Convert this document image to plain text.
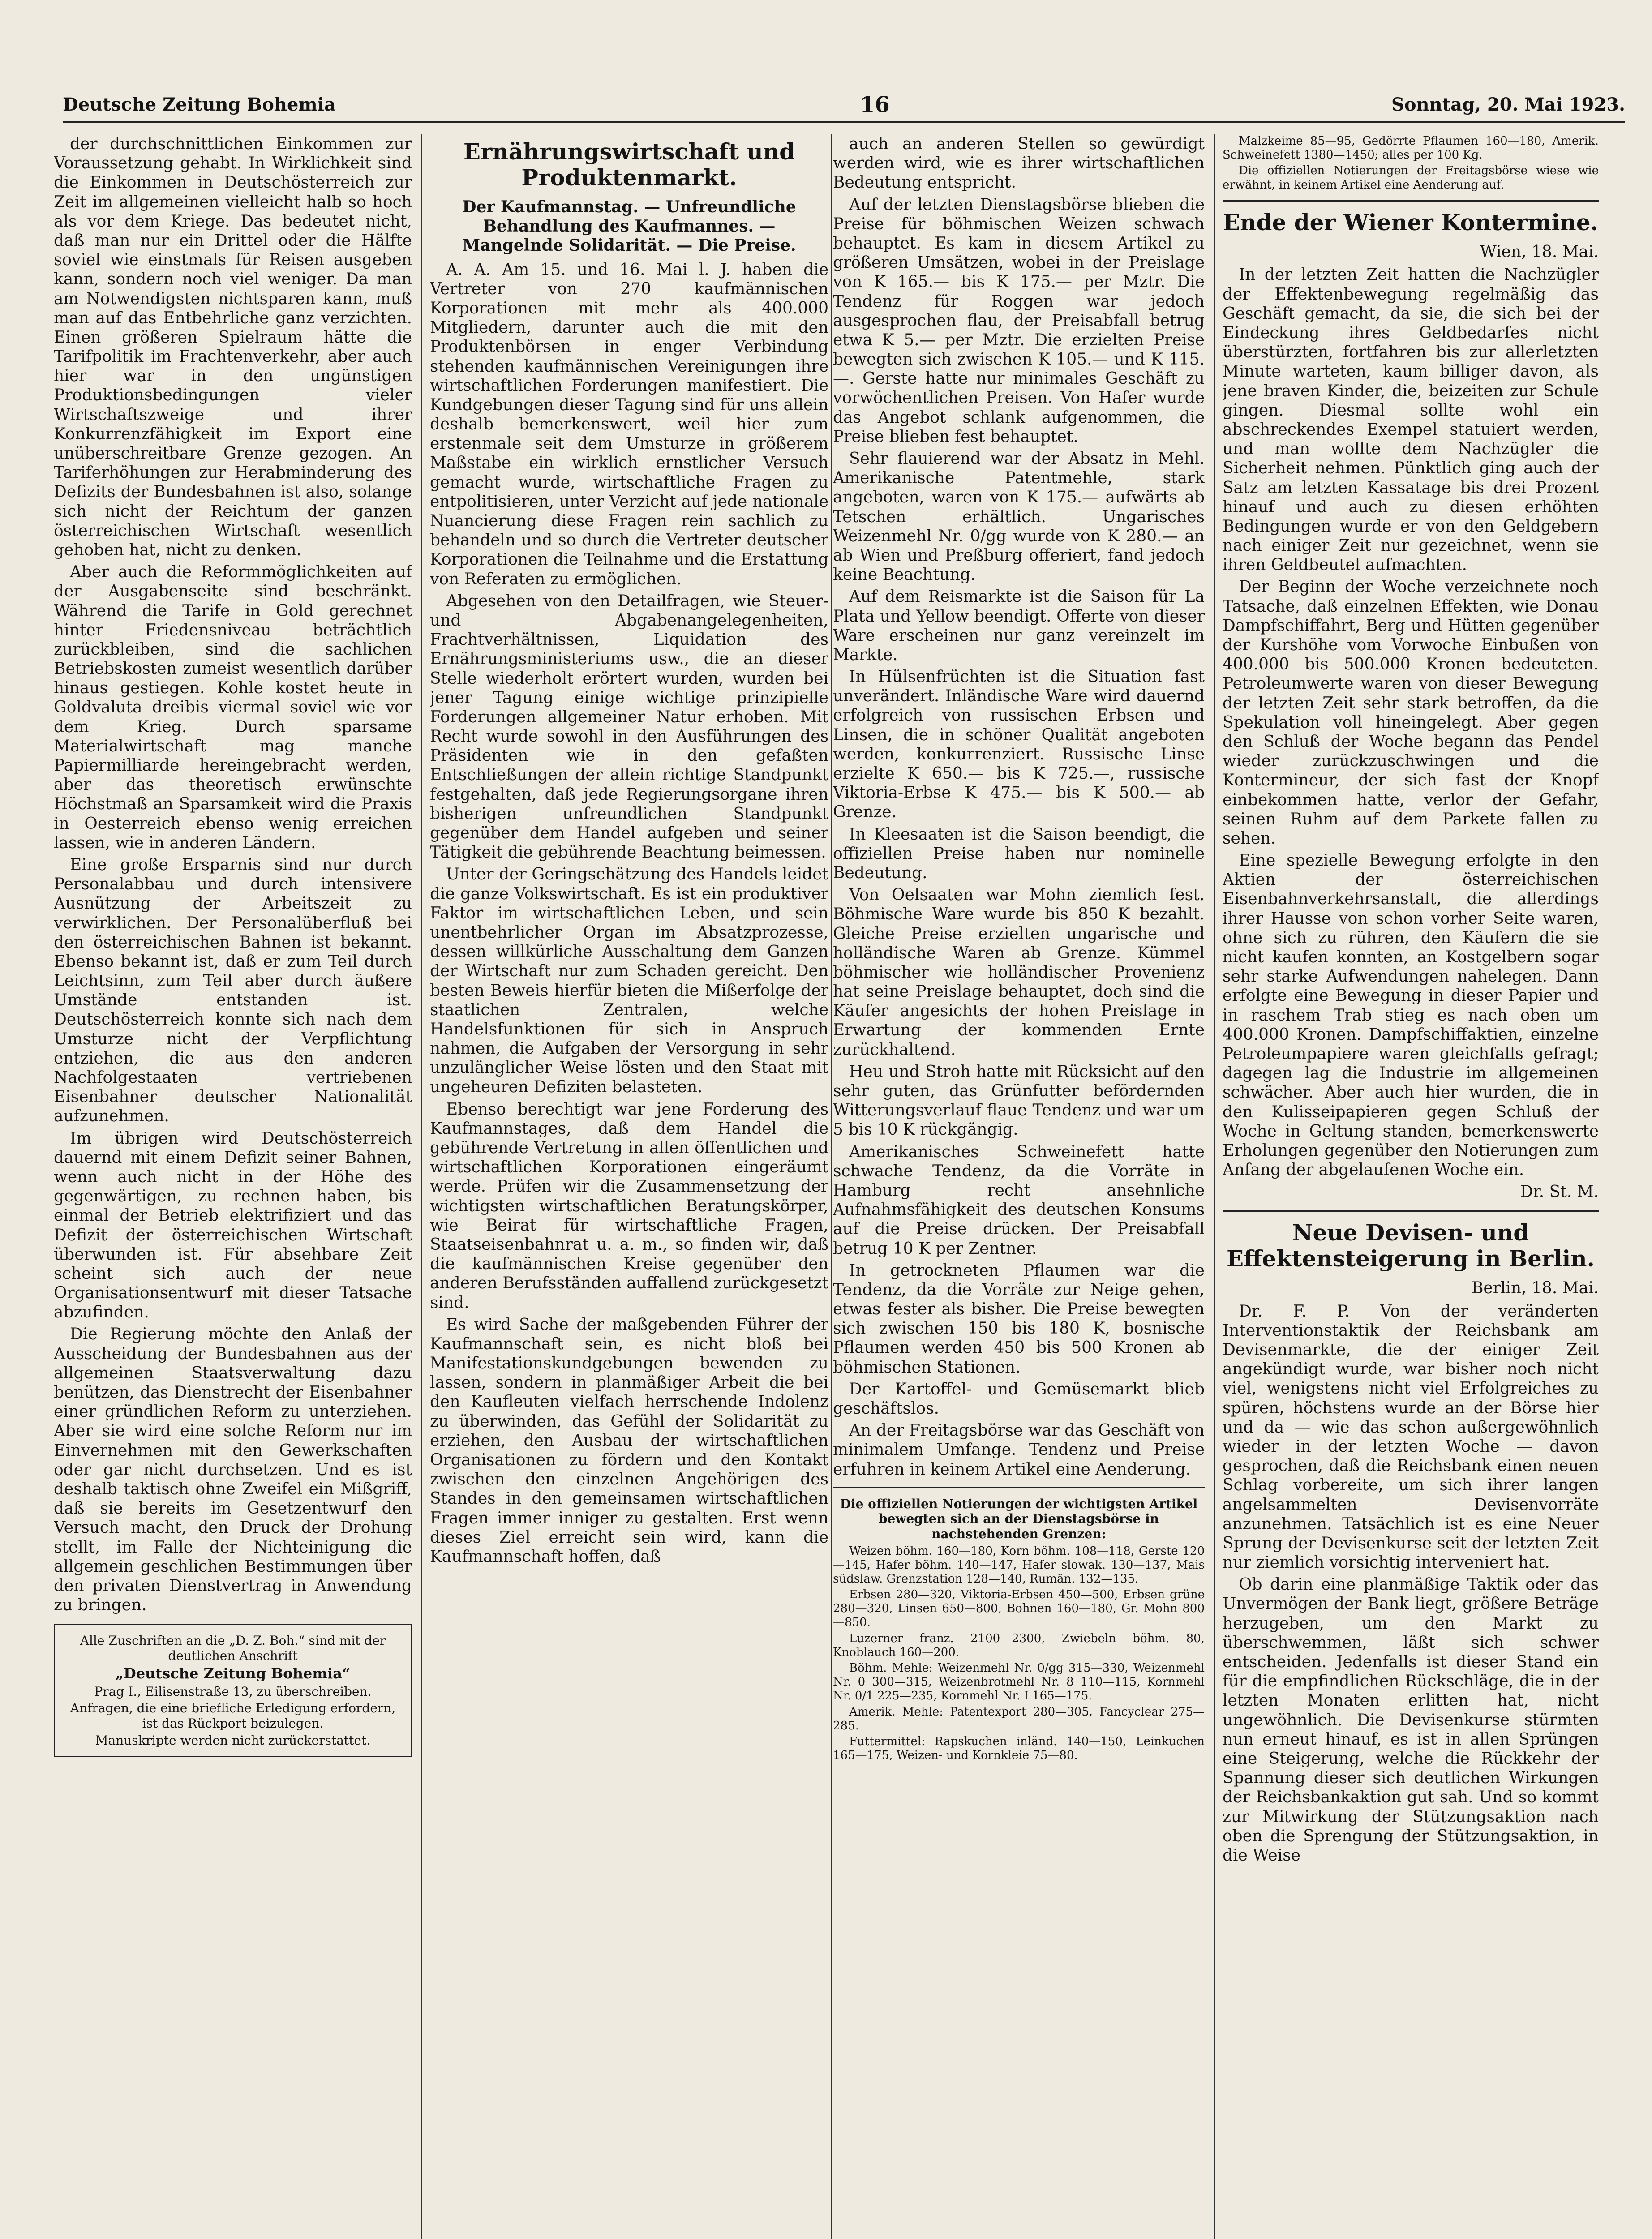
Deutsche Zeitung Bohemia	16	Sonntag, 20. Mai 1923.

der durchschnittlichen Einkommen zur Voraussetzung gehabt. In Wirklichkeit sind die Einkommen in Deutschösterreich zur Zeit im allgemeinen vielleicht halb so hoch als vor dem Kriege. Das bedeutet nicht, daß man nur ein Drittel oder die Hälfte soviel wie einstmals für Reisen ausgeben kann, sondern noch viel weniger. Da man am Notwendigsten nichtsparen kann, muß man auf das Entbehrliche ganz verzichten. Einen größeren Spielraum hätte die Tarifpolitik im Frachtenverkehr, aber auch hier war in den ungünstigen Produktionsbedingungen vieler Wirtschaftszweige und ihrer Konkurrenzfähigkeit im Export eine unüberschreitbare Grenze gezogen. An Tariferhöhungen zur Herabminderung des Defizits der Bundesbahnen ist also, solange sich nicht der Reichtum der ganzen österreichischen Wirtschaft wesentlich gehoben hat, nicht zu denken.

Aber auch die Reformmöglichkeiten auf der Ausgabenseite sind beschränkt. Während die Tarife in Gold gerechnet hinter Friedensniveau beträchtlich zurückbleiben, sind die sachlichen Betriebskosten zumeist wesentlich darüber hinaus gestiegen. Kohle kostet heute in Goldvaluta dreibis viermal soviel wie vor dem Krieg. Durch sparsame Materialwirtschaft mag manche Papiermilliarde hereingebracht werden, aber das theoretisch erwünschte Höchstmaß an Sparsamkeit wird die Praxis in Oesterreich ebenso wenig erreichen lassen, wie in anderen Ländern.

Eine große Ersparnis sind nur durch Personalabbau und durch intensivere Ausnützung der Arbeitszeit zu verwirklichen. Der Personalüberfluß bei den österreichischen Bahnen ist bekannt. Ebenso bekannt ist, daß er zum Teil durch Leichtsinn, zum Teil aber durch äußere Umstände entstanden ist. Deutschösterreich konnte sich nach dem Umsturze nicht der Verpflichtung entziehen, die aus den anderen Nachfolgestaaten vertriebenen Eisenbahner deutscher Nationalität aufzunehmen.

Im übrigen wird Deutschösterreich dauernd mit einem Defizit seiner Bahnen, wenn auch nicht in der Höhe des gegenwärtigen, zu rechnen haben, bis einmal der Betrieb elektrifiziert und das Defizit der österreichischen Wirtschaft überwunden ist. Für absehbare Zeit scheint sich auch der neue Organisationsentwurf mit dieser Tatsache abzufinden.

Die Regierung möchte den Anlaß der Ausscheidung der Bundesbahnen aus der allgemeinen Staatsverwaltung dazu benützen, das Dienstrecht der Eisenbahner einer gründlichen Reform zu unterziehen. Aber sie wird eine solche Reform nur im Einvernehmen mit den Gewerkschaften oder gar nicht durchsetzen. Und es ist deshalb taktisch ohne Zweifel ein Mißgriff, daß sie bereits im Gesetzentwurf den Versuch macht, den Druck der Drohung stellt, im Falle der Nichteinigung die allgemein geschlichen Bestimmungen über den privaten Dienstvertrag in Anwendung zu bringen.

Alle Zuschriften an die „D. Z. Boh.“ sind mit der deutlichen Anschrift
„Deutsche Zeitung Bohemia“
Prag I., Eilisenstraße 13, zu überschreiben.
Anfragen, die eine briefliche Erledigung erfordern, ist das Rückport beizulegen.
Manuskripte werden nicht zurückerstattet.
Ernährungswirtschaft und Produktenmarkt.
Der Kaufmannstag. — Unfreundliche Behandlung des Kaufmannes. — Mangelnde Solidarität. — Die Preise.

A. A. Am 15. und 16. Mai l. J. haben die Vertreter von 270 kaufmännischen Korporationen mit mehr als 400.000 Mitgliedern, darunter auch die mit den Produktenbörsen in enger Verbindung stehenden kaufmännischen Vereinigungen ihre wirtschaftlichen Forderungen manifestiert. Die Kundgebungen dieser Tagung sind für uns allein deshalb bemerkenswert, weil hier zum erstenmale seit dem Umsturze in größerem Maßstabe ein wirklich ernstlicher Versuch gemacht wurde, wirtschaftliche Fragen zu entpolitisieren, unter Verzicht auf jede nationale Nuancierung diese Fragen rein sachlich zu behandeln und so durch die Vertreter deutscher Korporationen die Teilnahme und die Erstattung von Referaten zu ermöglichen.

Abgesehen von den Detailfragen, wie Steuer- und Abgabenangelegenheiten, Frachtverhältnissen, Liquidation des Ernährungsministeriums usw., die an dieser Stelle wiederholt erörtert wurden, wurden bei jener Tagung einige wichtige prinzipielle Forderungen allgemeiner Natur erhoben. Mit Recht wurde sowohl in den Ausführungen des Präsidenten wie in den gefaßten Entschließungen der allein richtige Standpunkt festgehalten, daß jede Regierungsorgane ihren bisherigen unfreundlichen Standpunkt gegenüber dem Handel aufgeben und seiner Tätigkeit die gebührende Beachtung beimessen.

Unter der Geringschätzung des Handels leidet die ganze Volkswirtschaft. Es ist ein produktiver Faktor im wirtschaftlichen Leben, und sein unentbehrlicher Organ im Absatzprozesse, dessen willkürliche Ausschaltung dem Ganzen der Wirtschaft nur zum Schaden gereicht. Den besten Beweis hierfür bieten die Mißerfolge der staatlichen Zentralen, welche Handelsfunktionen für sich in Anspruch nahmen, die Aufgaben der Versorgung in sehr unzulänglicher Weise lösten und den Staat mit ungeheuren Defiziten belasteten.

Ebenso berechtigt war jene Forderung des Kaufmannstages, daß dem Handel die gebührende Vertretung in allen öffentlichen und wirtschaftlichen Korporationen eingeräumt werde. Prüfen wir die Zusammensetzung der wichtigsten wirtschaftlichen Beratungskörper, wie Beirat für wirtschaftliche Fragen, Staatseisenbahnrat u. a. m., so finden wir, daß die kaufmännischen Kreise gegenüber den anderen Berufsständen auffallend zurückgesetzt sind.

Es wird Sache der maßgebenden Führer der Kaufmannschaft sein, es nicht bloß bei Manifestationskundgebungen bewenden zu lassen, sondern in planmäßiger Arbeit die bei den Kaufleuten vielfach herrschende Indolenz zu überwinden, das Gefühl der Solidarität zu erziehen, den Ausbau der wirtschaftlichen Organisationen zu fördern und den Kontakt zwischen den einzelnen Angehörigen des Standes in den gemeinsamen wirtschaftlichen Fragen immer inniger zu gestalten. Erst wenn dieses Ziel erreicht sein wird, kann die Kaufmannschaft hoffen, daß

auch an anderen Stellen so gewürdigt werden wird, wie es ihrer wirtschaftlichen Bedeutung entspricht.

Auf der letzten Dienstagsbörse blieben die Preise für böhmischen Weizen schwach behauptet. Es kam in diesem Artikel zu größeren Umsätzen, wobei in der Preislage von K 165.— bis K 175.— per Mztr. Die Tendenz für Roggen war jedoch ausgesprochen flau, der Preisabfall betrug etwa K 5.— per Mztr. Die erzielten Preise bewegten sich zwischen K 105.— und K 115.—. Gerste hatte nur minimales Geschäft zu vorwöchentlichen Preisen. Von Hafer wurde das Angebot schlank aufgenommen, die Preise blieben fest behauptet.

Sehr flauierend war der Absatz in Mehl. Amerikanische Patentmehle, stark angeboten, waren von K 175.— aufwärts ab Tetschen erhältlich. Ungarisches Weizenmehl Nr. 0/gg wurde von K 280.— an ab Wien und Preßburg offeriert, fand jedoch keine Beachtung.

Auf dem Reismarkte ist die Saison für La Plata und Yellow beendigt. Offerte von dieser Ware erscheinen nur ganz vereinzelt im Markte.

In Hülsenfrüchten ist die Situation fast unverändert. Inländische Ware wird dauernd erfolgreich von russischen Erbsen und Linsen, die in schöner Qualität angeboten werden, konkurrenziert. Russische Linse erzielte K 650.— bis K 725.—, russische Viktoria-Erbse K 475.— bis K 500.— ab Grenze.

In Kleesaaten ist die Saison beendigt, die offiziellen Preise haben nur nominelle Bedeutung.

Von Oelsaaten war Mohn ziemlich fest. Böhmische Ware wurde bis 850 K bezahlt. Gleiche Preise erzielten ungarische und holländische Waren ab Grenze. Kümmel böhmischer wie holländischer Provenienz hat seine Preislage behauptet, doch sind die Käufer angesichts der hohen Preislage in Erwartung der kommenden Ernte zurückhaltend.

Heu und Stroh hatte mit Rücksicht auf den sehr guten, das Grünfutter befördernden Witterungsverlauf flaue Tendenz und war um 5 bis 10 K rückgängig.

Amerikanisches Schweinefett hatte schwache Tendenz, da die Vorräte in Hamburg recht ansehnliche Aufnahmsfähigkeit des deutschen Konsums auf die Preise drücken. Der Preisabfall betrug 10 K per Zentner.

In getrockneten Pflaumen war die Tendenz, da die Vorräte zur Neige gehen, etwas fester als bisher. Die Preise bewegten sich zwischen 150 bis 180 K, bosnische Pflaumen werden 450 bis 500 Kronen ab böhmischen Stationen.

Der Kartoffel- und Gemüsemarkt blieb geschäftslos.

An der Freitagsbörse war das Geschäft von minimalem Umfange. Tendenz und Preise erfuhren in keinem Artikel eine Aenderung.

Die offiziellen Notierungen der wichtigsten Artikel bewegten sich an der Dienstagsbörse in nachstehenden Grenzen:

Weizen böhm. 160—180, Korn böhm. 108—118, Gerste 120—145, Hafer böhm. 140—147, Hafer slowak. 130—137, Mais südslaw. Grenzstation 128—140, Rumän. 132—135.

Erbsen 280—320, Viktoria-Erbsen 450—500, Erbsen grüne 280—320, Linsen 650—800, Bohnen 160—180, Gr. Mohn 800—850.

Luzerner franz. 2100—2300, Zwiebeln böhm. 80, Knoblauch 160—200.

Böhm. Mehle: Weizenmehl Nr. 0/gg 315—330, Weizenmehl Nr. 0 300—315, Weizenbrotmehl Nr. 8 110—115, Kornmehl Nr. 0/1 225—235, Kornmehl Nr. I 165—175.

Amerik. Mehle: Patentexport 280—305, Fancyclear 275—285.

Futtermittel: Rapskuchen inländ. 140—150, Leinkuchen 165—175, Weizen- und Kornkleie 75—80.

Malzkeime 85—95, Gedörrte Pflaumen 160—180, Amerik. Schweinefett 1380—1450; alles per 100 Kg.

Die offiziellen Notierungen der Freitagsbörse wiese wie erwähnt, in keinem Artikel eine Aenderung auf.

Ende der Wiener Kontermine.
Wien, 18. Mai.

In der letzten Zeit hatten die Nachzügler der Effektenbewegung regelmäßig das Geschäft gemacht, da sie, die sich bei der Eindeckung ihres Geldbedarfes nicht überstürzten, fortfahren bis zur allerletzten Minute warteten, kaum billiger davon, als jene braven Kinder, die, beizeiten zur Schule gingen. Diesmal sollte wohl ein abschreckendes Exempel statuiert werden, und man wollte dem Nachzügler die Sicherheit nehmen. Pünktlich ging auch der Satz am letzten Kassatage bis drei Prozent hinauf und auch zu diesen erhöhten Bedingungen wurde er von den Geldgebern nach einiger Zeit nur gezeichnet, wenn sie ihren Geldbeutel aufmachten.

Der Beginn der Woche verzeichnete noch Tatsache, daß einzelnen Effekten, wie Donau Dampfschiffahrt, Berg und Hütten gegenüber der Kurshöhe vom Vorwoche Einbußen von 400.000 bis 500.000 Kronen bedeuteten. Petroleumwerte waren von dieser Bewegung der letzten Zeit sehr stark betroffen, da die Spekulation voll hineingelegt. Aber gegen den Schluß der Woche begann das Pendel wieder zurückzuschwingen und die Kontermineur, der sich fast der Knopf einbekommen hatte, verlor der Gefahr, seinen Ruhm auf dem Parkete fallen zu sehen.

Eine spezielle Bewegung erfolgte in den Aktien der österreichischen Eisenbahnverkehrsanstalt, die allerdings ihrer Hausse von schon vorher Seite waren, ohne sich zu rühren, den Käufern die sie nicht kaufen konnten, an Kostgelbern sogar sehr starke Aufwendungen nahelegen. Dann erfolgte eine Bewegung in dieser Papier und in raschem Trab stieg es nach oben um 400.000 Kronen. Dampfschiffaktien, einzelne Petroleumpapiere waren gleichfalls gefragt; dagegen lag die Industrie im allgemeinen schwächer. Aber auch hier wurden, die in den Kulisseipapieren gegen Schluß der Woche in Geltung standen, bemerkenswerte Erholungen gegenüber den Notierungen zum Anfang der abgelaufenen Woche ein.

Dr. St. M.
Neue Devisen- und Effektensteigerung in Berlin.
Berlin, 18. Mai.

Dr. F. P. Von der veränderten Interventionstaktik der Reichsbank am Devisenmarkte, die der einiger Zeit angekündigt wurde, war bisher noch nicht viel, wenigstens nicht viel Erfolgreiches zu spüren, höchstens wurde an der Börse hier und da — wie das schon außergewöhnlich wieder in der letzten Woche — davon gesprochen, daß die Reichsbank einen neuen Schlag vorbereite, um sich ihrer langen angelsammelten Devisenvorräte anzunehmen. Tatsächlich ist es eine Neuer Sprung der Devisenkurse seit der letzten Zeit nur ziemlich vorsichtig interveniert hat.

Ob darin eine planmäßige Taktik oder das Unvermögen der Bank liegt, größere Beträge herzugeben, um den Markt zu überschwemmen, läßt sich schwer entscheiden. Jedenfalls ist dieser Stand ein für die empfindlichen Rückschläge, die in der letzten Monaten erlitten hat, nicht ungewöhnlich. Die Devisenkurse stürmten nun erneut hinauf, es ist in allen Sprüngen eine Steigerung, welche die Rückkehr der Spannung dieser sich deutlichen Wirkungen der Reichsbankaktion gut sah. Und so kommt zur Mitwirkung der Stützungsaktion nach oben die Sprengung der Stützungsaktion, in die Weise
